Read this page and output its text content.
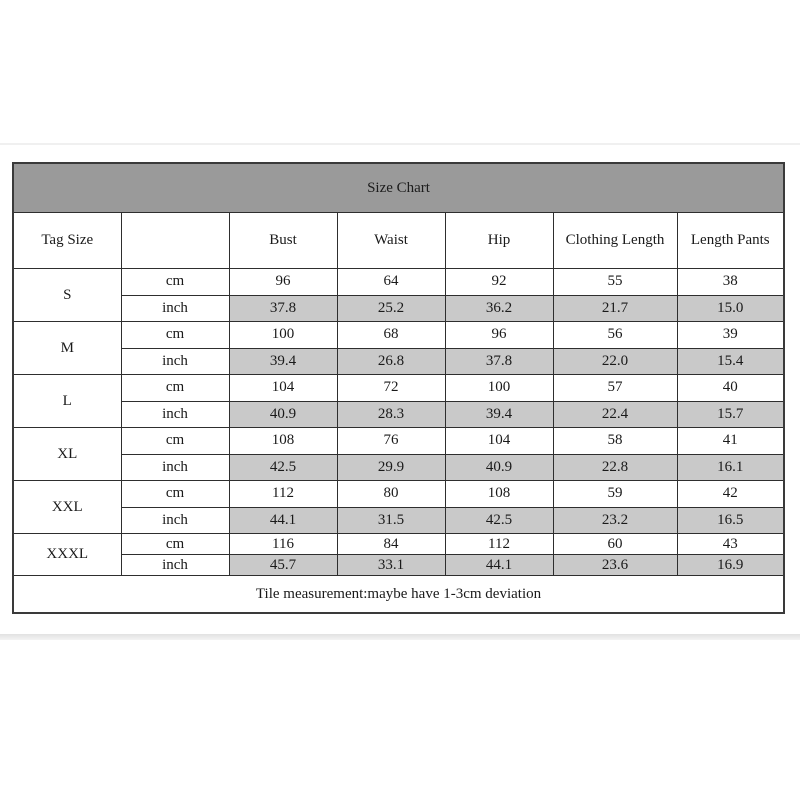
Size Chart						
Tag Size		Bust	Waist	Hip	Clothing Length	Length Pants
S	cm	96	64	92	55	38
	inch	37.8	25.2	36.2	21.7	15.0
M	cm	100	68	96	56	39
	inch	39.4	26.8	37.8	22.0	15.4
L	cm	104	72	100	57	40
	inch	40.9	28.3	39.4	22.4	15.7
XL	cm	108	76	104	58	41
	inch	42.5	29.9	40.9	22.8	16.1
XXL	cm	112	80	108	59	42
	inch	44.1	31.5	42.5	23.2	16.5
XXXL	cm	116	84	112	60	43
	inch	45.7	33.1	44.1	23.6	16.9
Tile measurement:maybe have 1-3cm deviation						
